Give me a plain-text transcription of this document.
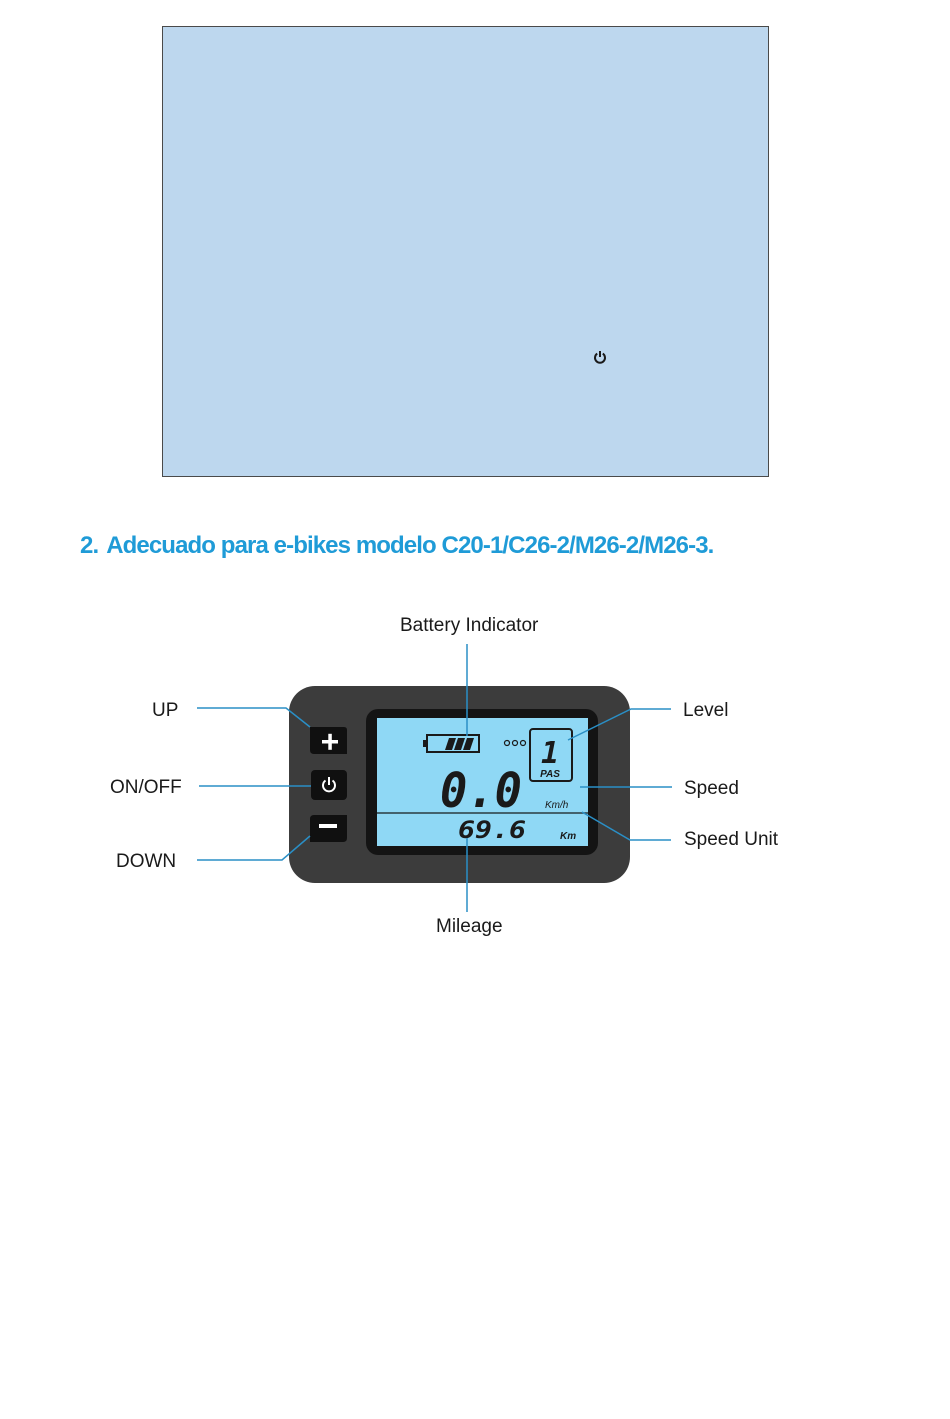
2. Adecuado para e-bikes modelo C20-1/C26-2/M26-2/M26-3.
1
PAS
0.0 Km/h
69.6	Km
Battery Indicator
UP
ON/OFF
DOWN
Level
Speed
Speed Unit
Mileage
